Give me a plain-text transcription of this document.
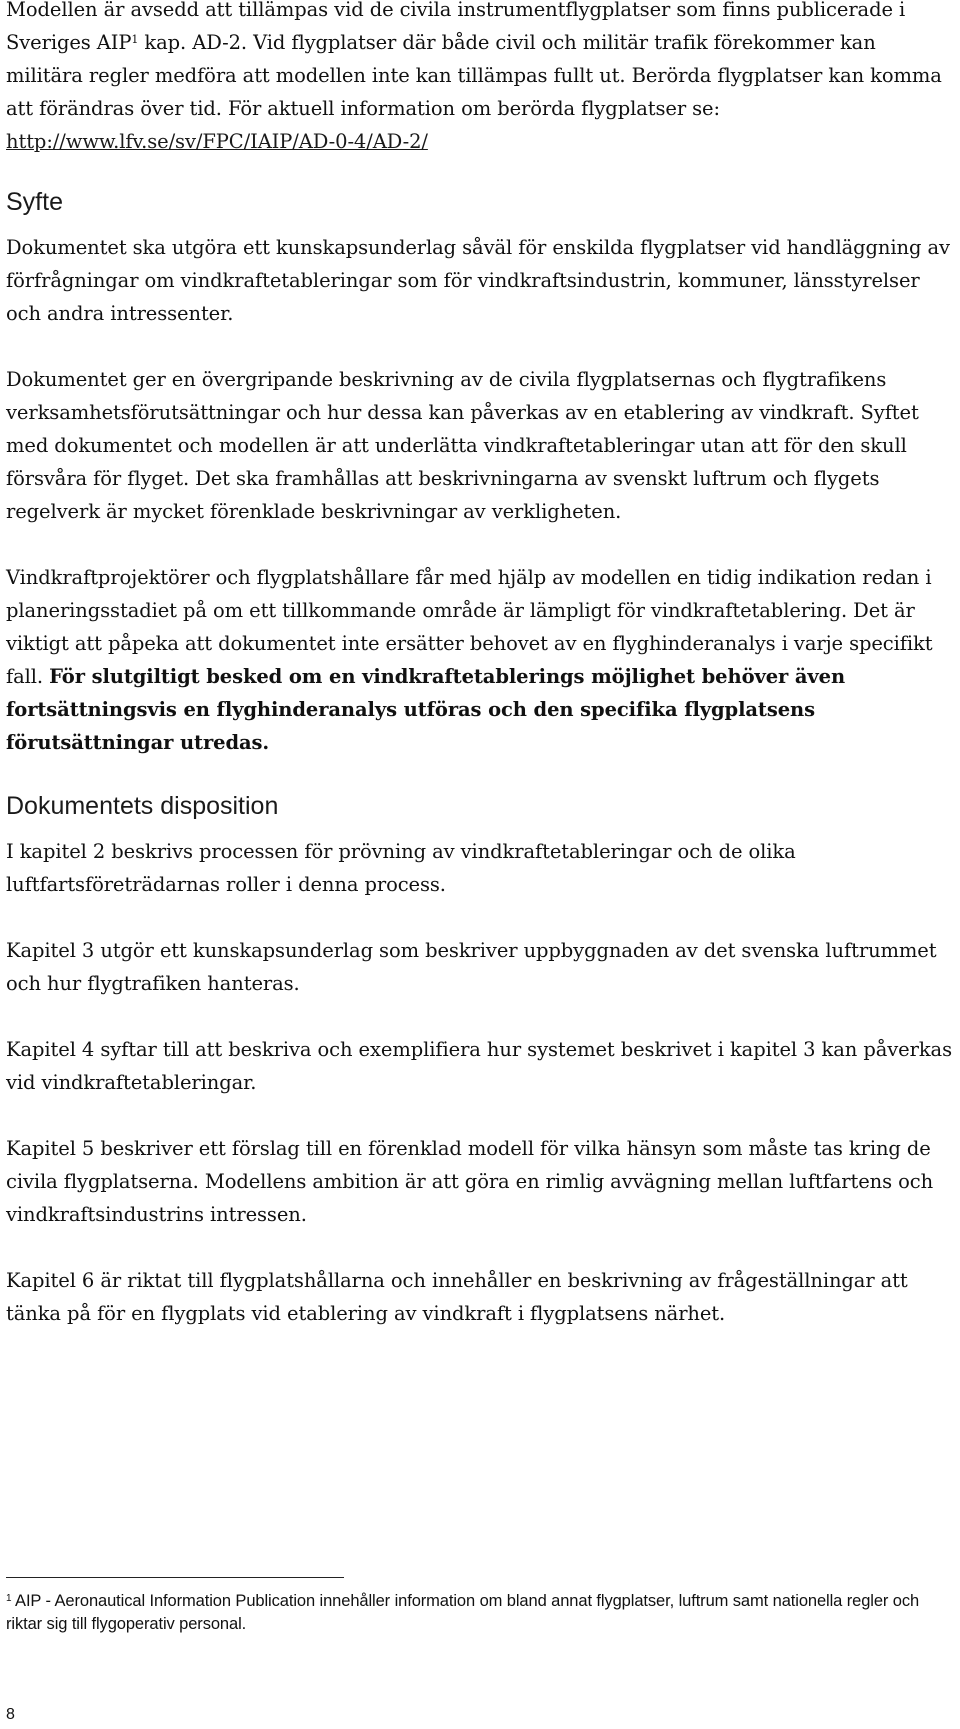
Modellen är avsedd att tillämpas vid de civila instrumentflygplatser som finns publicerade i Sveriges AIP$^1$ kap. AD-2. Vid flygplatser där både civil och militär trafik förekommer kan militära regler medföra att modellen inte kan tillämpas fullt ut. Berörda flygplatser kan komma att förändras över tid. För aktuell information om berörda flygplatser se: http://www.lfv.se/sv/FPC/IAIP/AD-0-4/AD-2/
Syfte

Dokumentet ska utgöra ett kunskapsunderlag såväl för enskilda flygplatser vid handläggning av förfrågningar om vindkraftetableringar som för vindkraftsindustrin, kommuner, länsstyrelser och andra intressenter.

Dokumentet ger en övergripande beskrivning av de civila flygplatsernas och flygtrafikens verksamhetsförutsättningar och hur dessa kan påverkas av en etablering av vindkraft. Syftet med dokumentet och modellen är att underlätta vindkraftetableringar utan att för den skull försvåra för flyget. Det ska framhållas att beskrivningarna av svenskt luftrum och flygets regelverk är mycket förenklade beskrivningar av verkligheten.

Vindkraftprojektörer och flygplatshållare får med hjälp av modellen en tidig indikation redan i planeringsstadiet på om ett tillkommande område är lämpligt för vindkraftetablering. Det är viktigt att påpeka att dokumentet inte ersätter behovet av en flyghinderanalys i varje specifikt fall. För slutgiltigt besked om en vindkraftetablerings möjlighet behöver även fortsättningsvis en flyghinderanalys utföras och den specifika flygplatsens förutsättningar utredas.

Dokumentets disposition

I kapitel 2 beskrivs processen för prövning av vindkraftetableringar och de olika luftfartsföreträdarnas roller i denna process.

Kapitel 3 utgör ett kunskapsunderlag som beskriver uppbyggnaden av det svenska luftrummet och hur flygtrafiken hanteras.

Kapitel 4 syftar till att beskriva och exemplifiera hur systemet beskrivet i kapitel 3 kan påverkas vid vindkraftetableringar.

Kapitel 5 beskriver ett förslag till en förenklad modell för vilka hänsyn som måste tas kring de civila flygplatserna. Modellens ambition är att göra en rimlig avvägning mellan luftfartens och vindkraftsindustrins intressen.

Kapitel 6 är riktat till flygplatshållarna och innehåller en beskrivning av frågeställningar att tänka på för en flygplats vid etablering av vindkraft i flygplatsens närhet.

$^1$ AIP - Aeronautical Information Publication innehåller information om bland annat flygplatser, luftrum samt nationella regler och riktar sig till flygoperativ personal.

8
